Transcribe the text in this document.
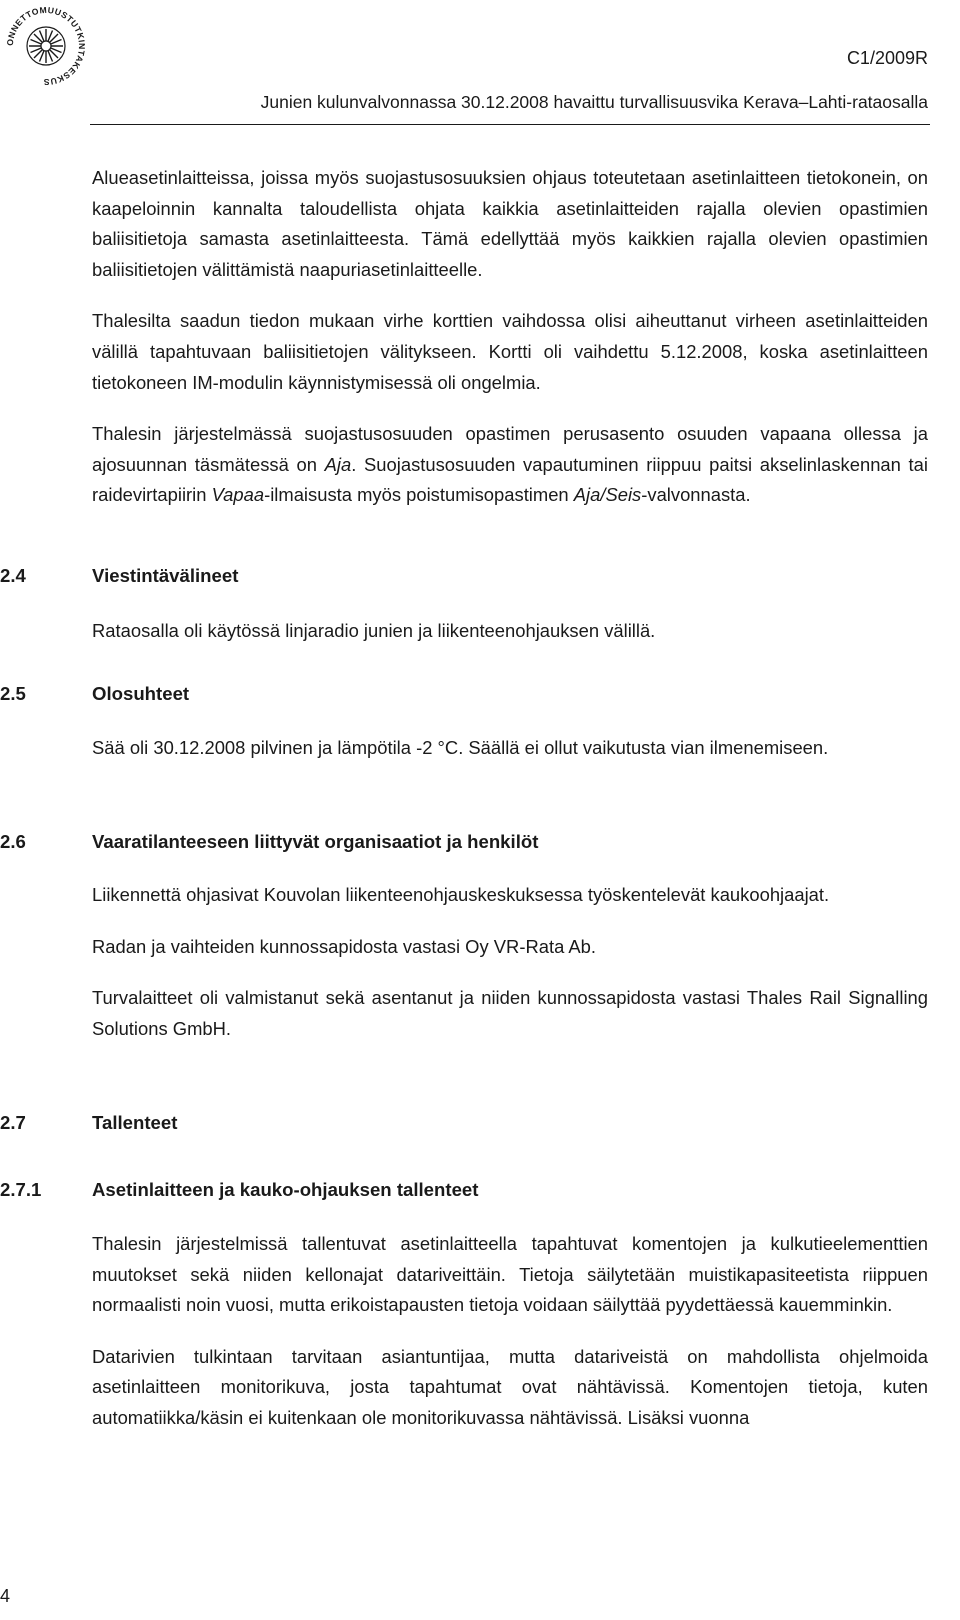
ONNETTOMUUSTUTKINTAKESKUS
C1/2009R
Junien kulunvalvonnassa 30.12.2008 havaittu turvallisuusvika Kerava–Lahti-rataosalla

Alueasetinlaitteissa, joissa myös suojastusosuuksien ohjaus toteutetaan asetinlaitteen tietokonein, on kaapeloinnin kannalta taloudellista ohjata kaikkia asetinlaitteiden rajalla olevien opastimien baliisitietoja samasta asetinlaitteesta. Tämä edellyttää myös kaikkien rajalla olevien opastimien baliisitietojen välittämistä naapuriasetinlaitteelle.

Thalesilta saadun tiedon mukaan virhe korttien vaihdossa olisi aiheuttanut virheen asetinlaitteiden välillä tapahtuvaan baliisitietojen välitykseen. Kortti oli vaihdettu 5.12.2008, koska asetinlaitteen tietokoneen IM-modulin käynnistymisessä oli ongelmia.

Thalesin järjestelmässä suojastusosuuden opastimen perusasento osuuden vapaana ollessa ja ajosuunnan täsmätessä on Aja. Suojastusosuuden vapautuminen riippuu paitsi akselinlaskennan tai raidevirtapiirin Vapaa-ilmaisusta myös poistumisopastimen Aja/Seis-valvonnasta.

2.4	Viestintävälineet

Rataosalla oli käytössä linjaradio junien ja liikenteenohjauksen välillä.

2.5	Olosuhteet

Sää oli 30.12.2008 pilvinen ja lämpötila -2 °C. Säällä ei ollut vaikutusta vian ilmenemiseen.

2.6	Vaaratilanteeseen liittyvät organisaatiot ja henkilöt

Liikennettä ohjasivat Kouvolan liikenteenohjauskeskuksessa työskentelevät kaukoohjaajat.

Radan ja vaihteiden kunnossapidosta vastasi Oy VR-Rata Ab.

Turvalaitteet oli valmistanut sekä asentanut ja niiden kunnossapidosta vastasi Thales Rail Signalling Solutions GmbH.

2.7	Tallenteet
2.7.1	Asetinlaitteen ja kauko-ohjauksen tallenteet

Thalesin järjestelmissä tallentuvat asetinlaitteella tapahtuvat komentojen ja kulkutieelementtien muutokset sekä niiden kellonajat datariveittäin. Tietoja säilytetään muistikapasiteetista riippuen normaalisti noin vuosi, mutta erikoistapausten tietoja voidaan säilyttää pyydettäessä kauemminkin.

Datarivien tulkintaan tarvitaan asiantuntijaa, mutta datariveistä on mahdollista ohjelmoida asetinlaitteen monitorikuva, josta tapahtumat ovat nähtävissä. Komentojen tietoja, kuten automatiikka/käsin ei kuitenkaan ole monitorikuvassa nähtävissä. Lisäksi vuonna

4
